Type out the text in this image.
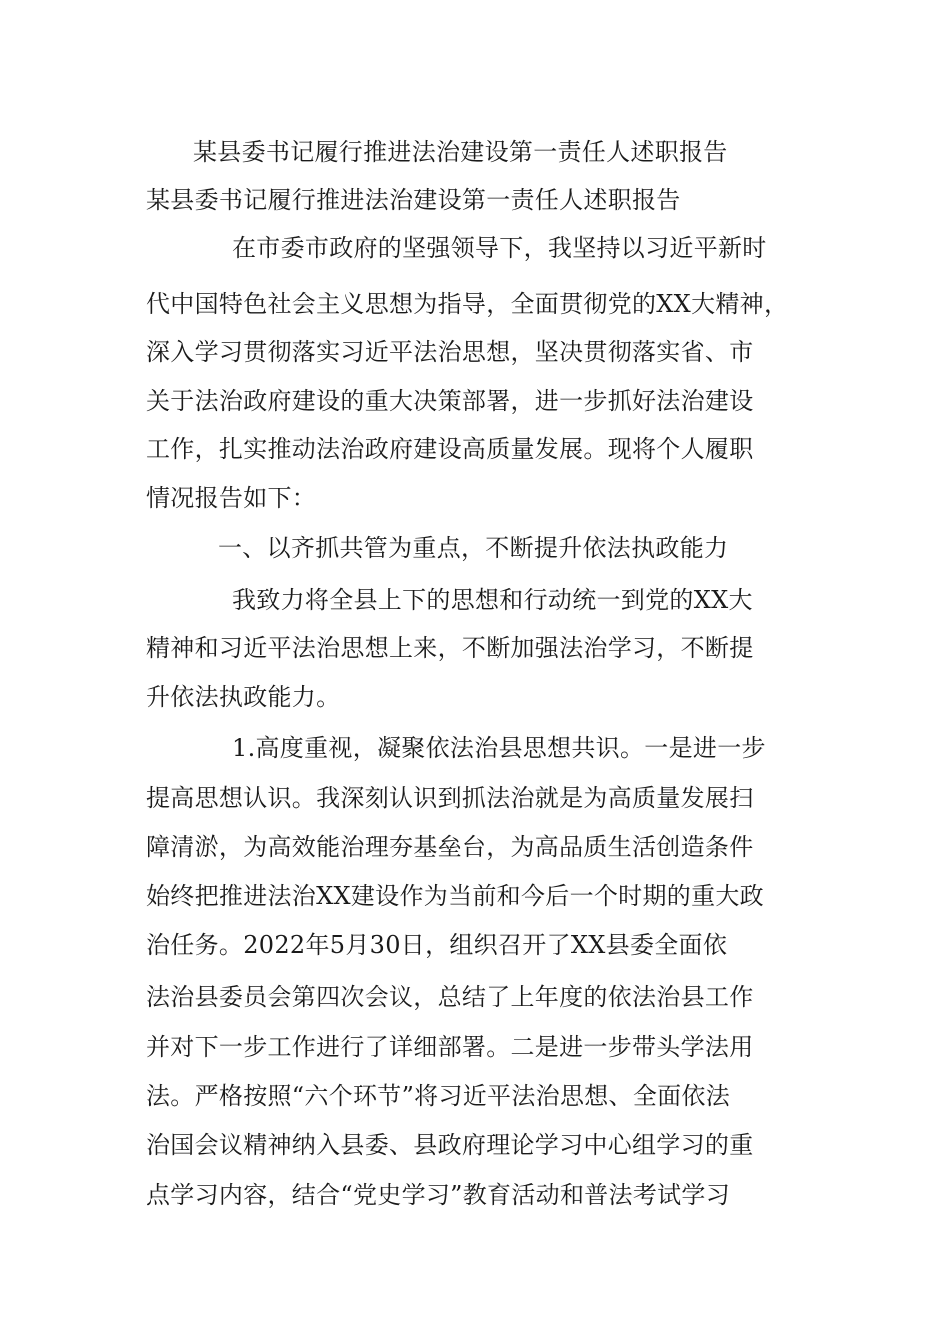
某县委书记履行推进法治建设第一责任人述职报告
某县委书记履行推进法治建设第一责任人述职报告
在市委市政府的坚强领导下，我坚持以习近平新时
代中国特色社会主义思想为指导，全面贯彻党的XX大精神，
深入学习贯彻落实习近平法治思想，坚决贯彻落实省、市
关于法治政府建设的重大决策部署，进一步抓好法治建设
工作，扎实推动法治政府建设高质量发展。现将个人履职
情况报告如下：
一、以齐抓共管为重点，不断提升依法执政能力
我致力将全县上下的思想和行动统一到党的XX大
精神和习近平法治思想上来，不断加强法治学习，不断提
升依法执政能力。
1.高度重视，凝聚依法治县思想共识。一是进一步
提高思想认识。我深刻认识到抓法治就是为高质量发展扫
障清淤，为高效能治理夯基垒台，为高品质生活创造条件
始终把推进法治XX建设作为当前和今后一个时期的重大政
治任务。2022年5月30日，组织召开了XX县委全面依
法治县委员会第四次会议，总结了上年度的依法治县工作
并对下一步工作进行了详细部署。二是进一步带头学法用
法。严格按照“六个环节”将习近平法治思想、全面依法
治国会议精神纳入县委、县政府理论学习中心组学习的重
点学习内容，结合“党史学习”教育活动和普法考试学习
